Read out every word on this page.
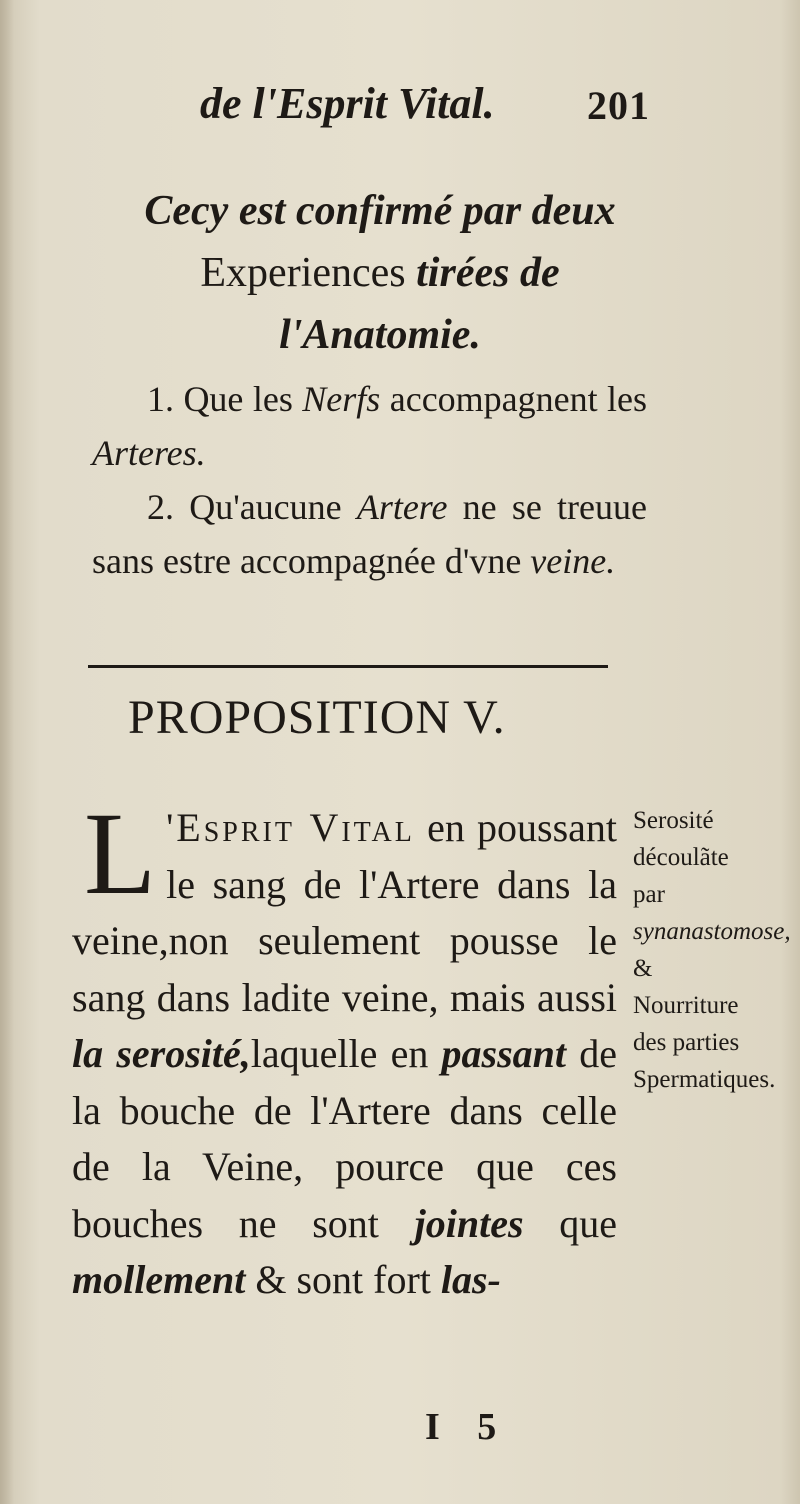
de l'Esprit Vital. 201
Cecy est confirmé par deux
Experiences tirées de
l'Anatomie.

1. Que les Nerfs accompagnent les Arteres.

2. Qu'aucune Artere ne se treuue sans estre accompagnée d'vne veine.

PROPOSITION V.
L 'Esprit Vital en poussant le sang de l'Artere dans la veine,non seulement pousse le sang dans ladite veine, mais aussi la serosité,laquelle en passant de la bouche de l'Artere dans celle de la Veine, pource que ces bouches ne sont jointes que mollement & sont fort las-
Serosité découlãte par synanastomose, & Nourriture des parties Spermatiques.
I 5
